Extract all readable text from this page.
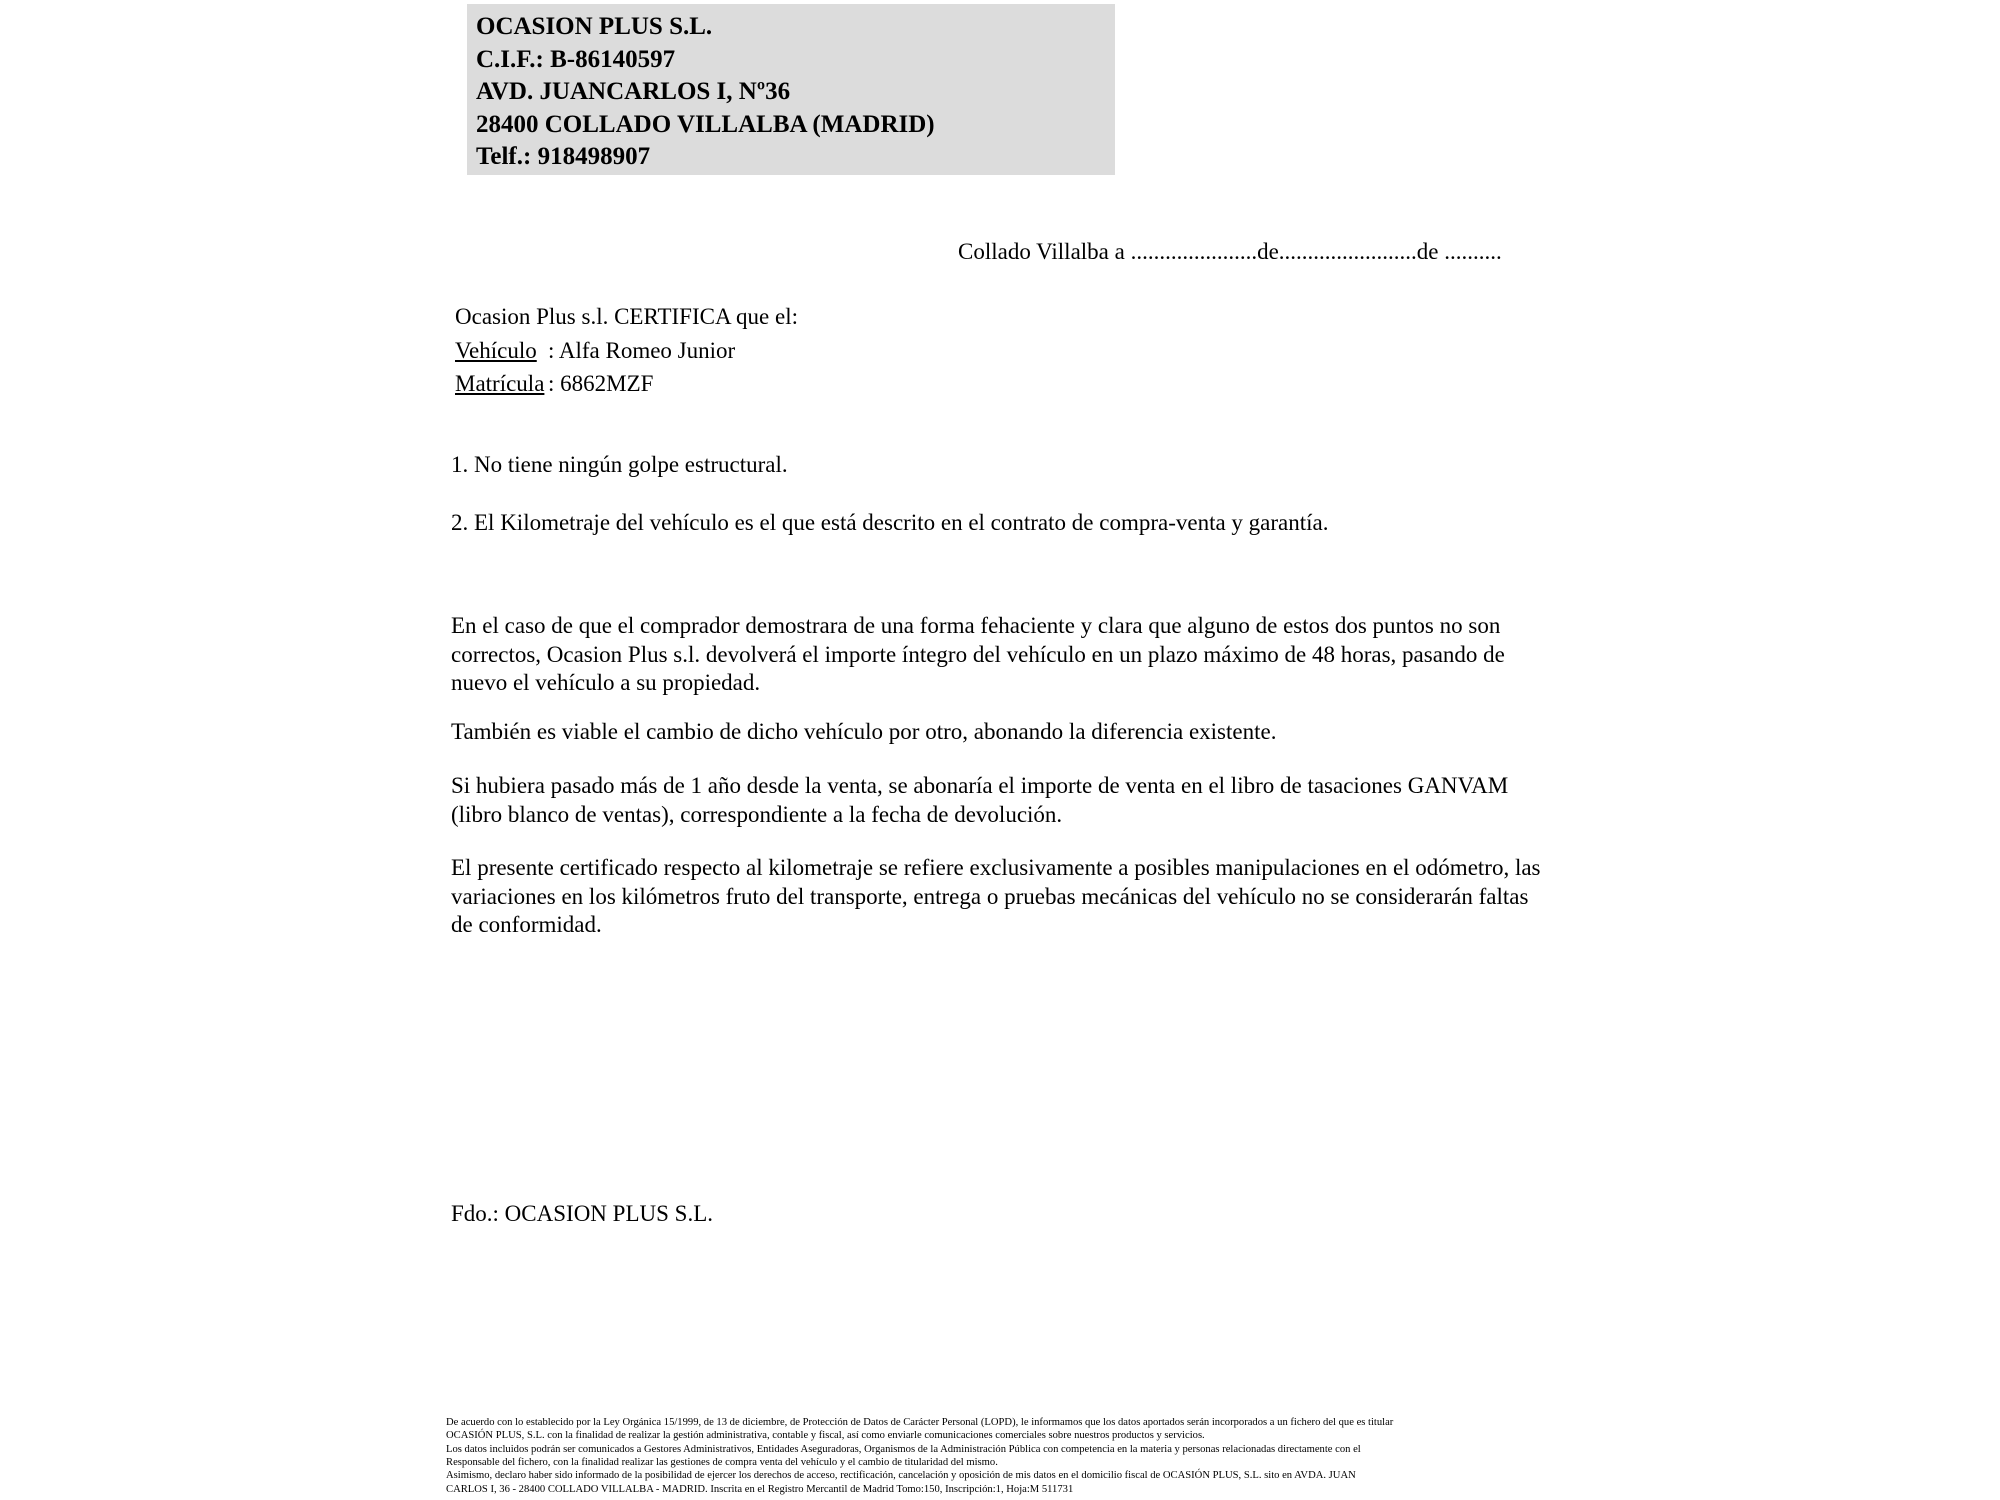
OCASION PLUS S.L.
C.I.F.: B-86140597
AVD. JUANCARLOS I, Nº36
28400 COLLADO VILLALBA (MADRID)
Telf.: 918498907
Collado Villalba a ......................de........................de ..........
Ocasion Plus s.l. CERTIFICA que el:
Vehículo : Alfa Romeo Junior
Matrícula : 6862MZF
1. No tiene ningún golpe estructural.
2. El Kilometraje del vehículo es el que está descrito en el contrato de compra-venta y garantía.
En el caso de que el comprador demostrara de una forma fehaciente y clara que alguno de estos dos puntos no son correctos, Ocasion Plus s.l. devolverá el importe íntegro del vehículo en un plazo máximo de 48 horas, pasando de nuevo el vehículo a su propiedad.
También es viable el cambio de dicho vehículo por otro, abonando la diferencia existente.
Si hubiera pasado más de 1 año desde la venta, se abonaría el importe de venta en el libro de tasaciones GANVAM (libro blanco de ventas), correspondiente a la fecha de devolución.
El presente certificado respecto al kilometraje se refiere exclusivamente a posibles manipulaciones en el odómetro, las variaciones en los kilómetros fruto del transporte, entrega o pruebas mecánicas del vehículo no se considerarán faltas de conformidad.
Fdo.: OCASION PLUS S.L.
De acuerdo con lo establecido por la Ley Orgánica 15/1999, de 13 de diciembre, de Protección de Datos de Carácter Personal (LOPD), le informamos que los datos aportados serán incorporados a un fichero del que es titular
OCASIÓN PLUS, S.L. con la finalidad de realizar la gestión administrativa, contable y fiscal, así como enviarle comunicaciones comerciales sobre nuestros productos y servicios.
Los datos incluidos podrán ser comunicados a Gestores Administrativos, Entidades Aseguradoras, Organismos de la Administración Pública con competencia en la materia y personas relacionadas directamente con el
Responsable del fichero, con la finalidad realizar las gestiones de compra venta del vehículo y el cambio de titularidad del mismo.
Asimismo, declaro haber sido informado de la posibilidad de ejercer los derechos de acceso, rectificación, cancelación y oposición de mis datos en el domicilio fiscal de OCASIÓN PLUS, S.L. sito en AVDA. JUAN
CARLOS I, 36 - 28400 COLLADO VILLALBA - MADRID. Inscrita en el Registro Mercantil de Madrid Tomo:150, Inscripción:1, Hoja:M 511731
